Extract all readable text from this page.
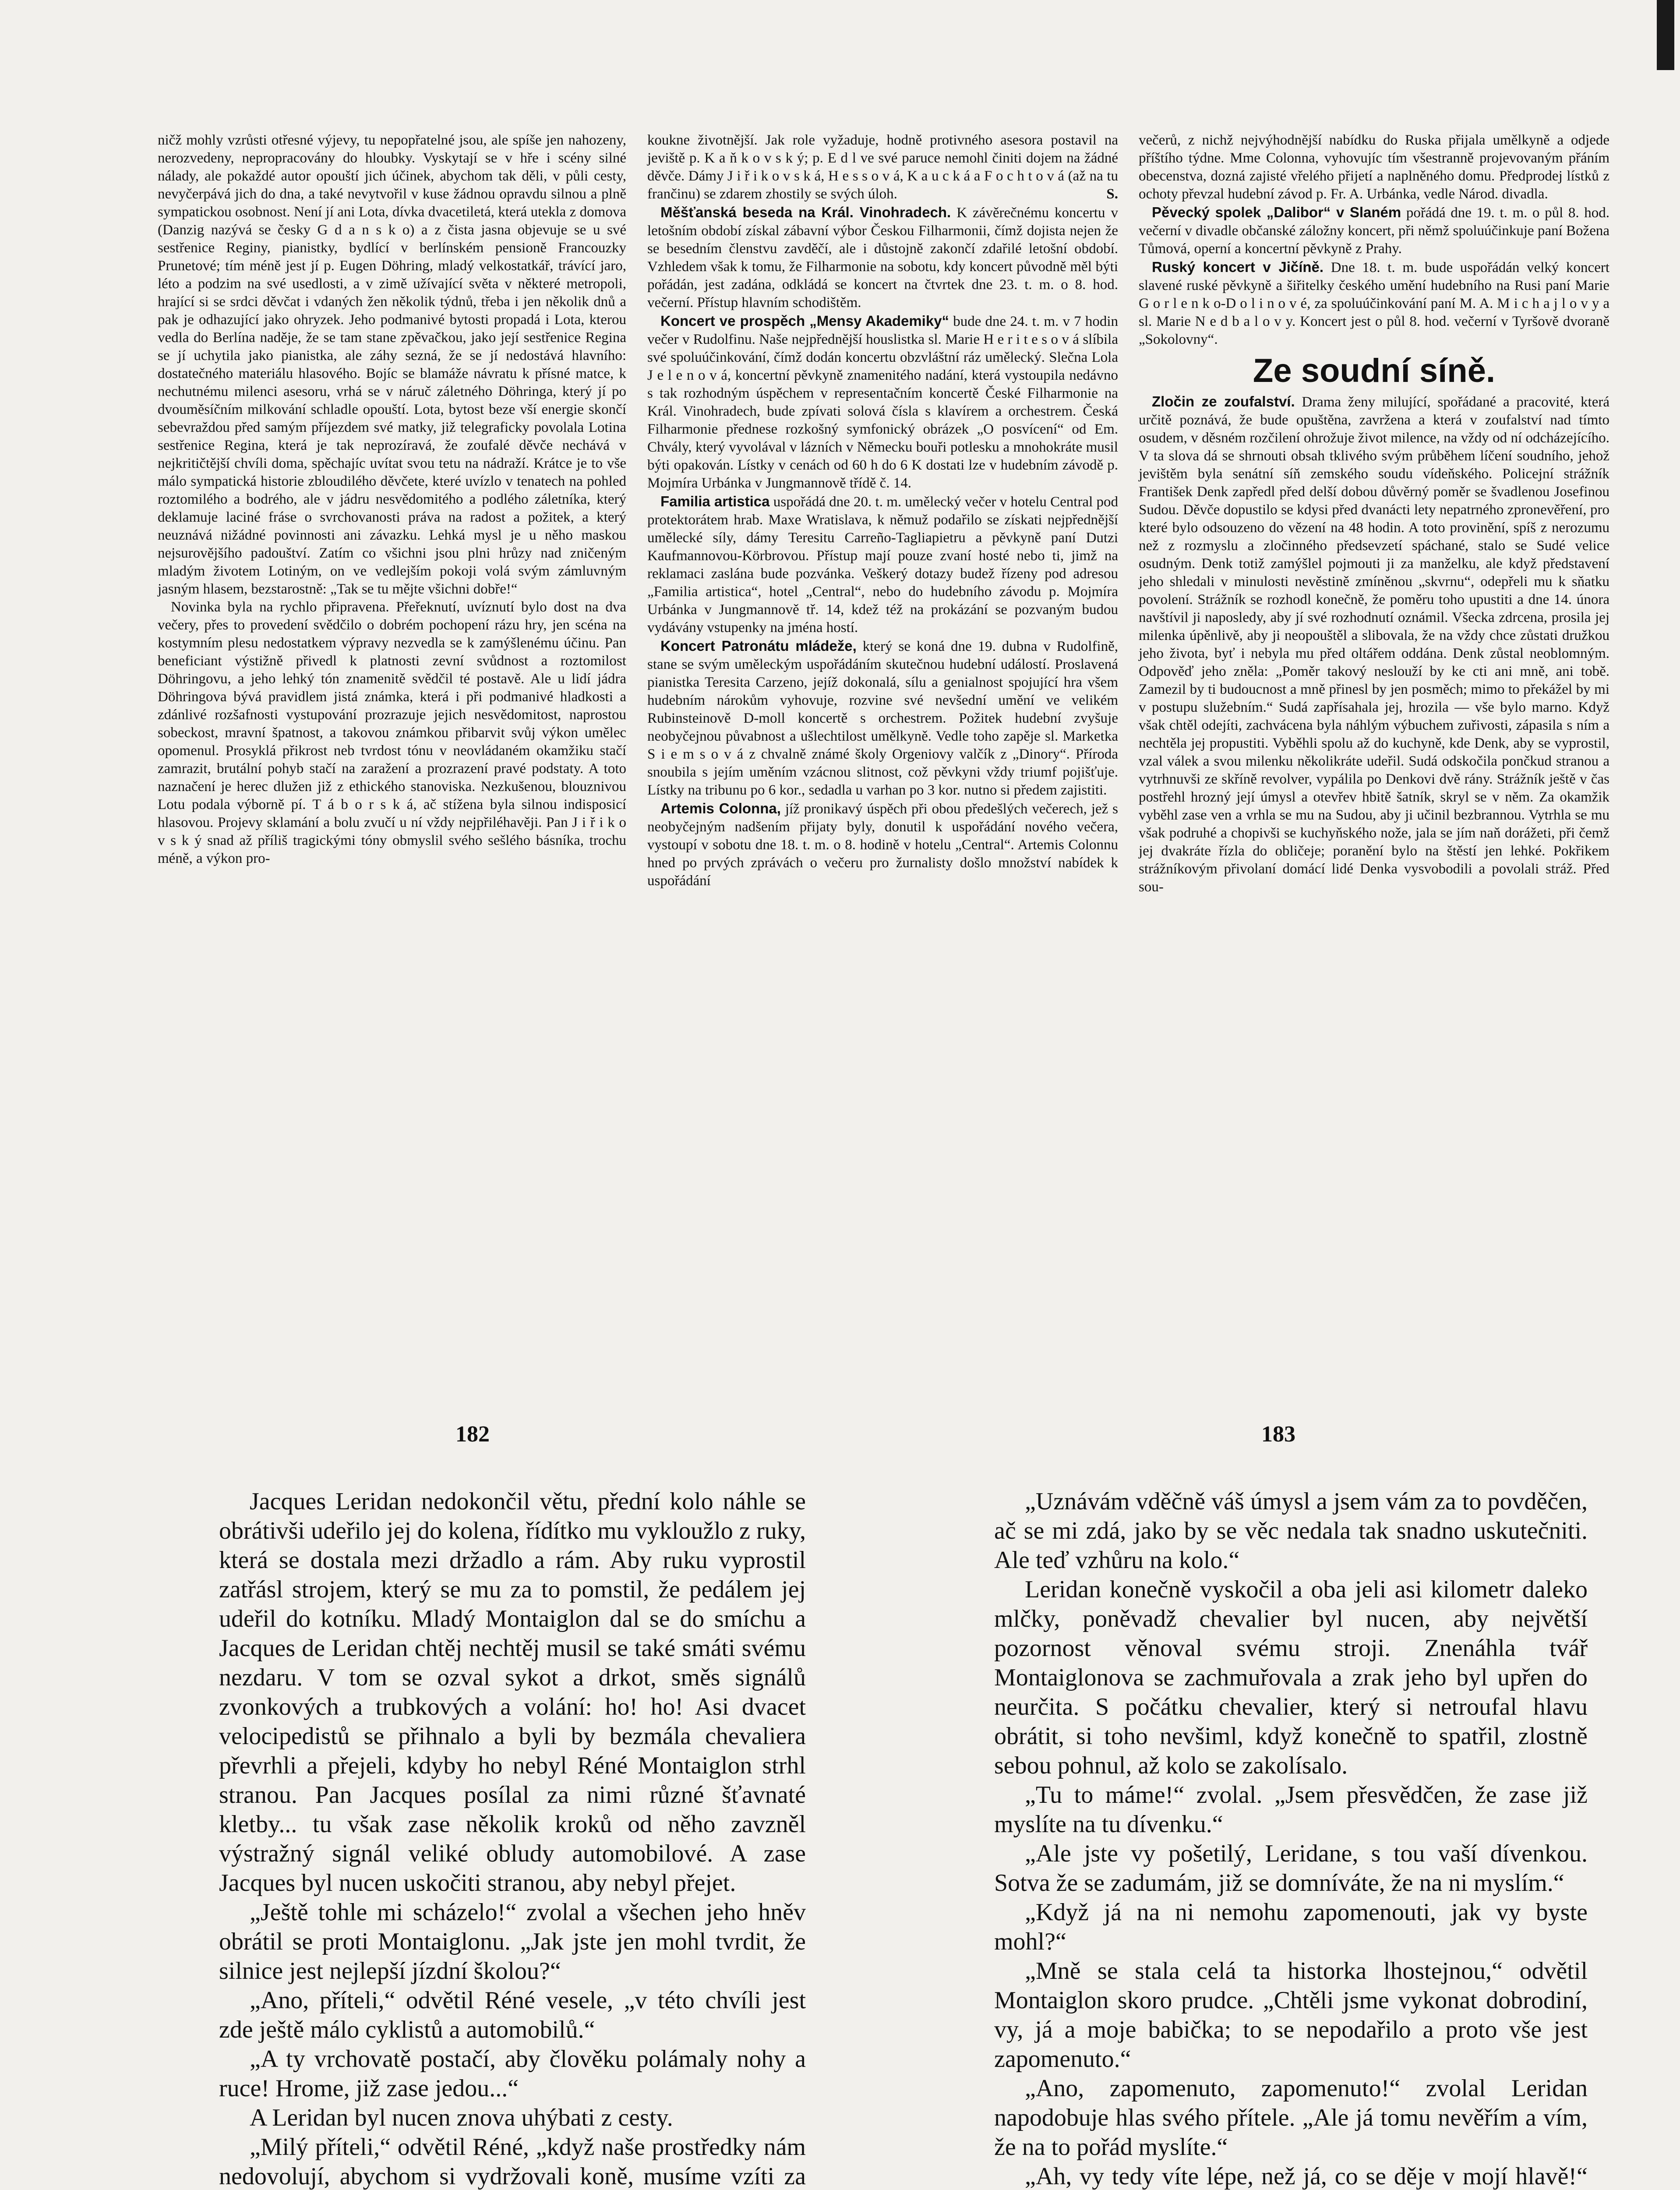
ničž mohly vzrůsti otřesné výjevy, tu nepopřatelné jsou, ale spíše jen nahozeny, nerozvedeny, nepropracovány do hloubky. Vyskytají se v hře i scény silné nálady, ale pokaždé autor opouští jich účinek, abychom tak děli, v půli cesty, nevyčerpává jich do dna, a také nevytvořil v kuse žádnou opravdu silnou a plně sympatickou osobnost. Není jí ani Lota, dívka dvacetiletá, která utekla z domova (Danzig nazývá se česky G d a n s k o) a z čista jasna objevuje se u své sestřenice Reginy, pianistky, bydlící v berlínském pensioně Francouzky Prunetové; tím méně jest jí p. Eugen Döhring, mladý velkostatkář, trávící jaro, léto a podzim na své usedlosti, a v zimě užívající světa v některé metropoli, hrající si se srdci děvčat i vdaných žen několik týdnů, třeba i jen několik dnů a pak je odhazující jako ohryzek. Jeho podmanivé bytosti propadá i Lota, kterou vedla do Berlína naděje, že se tam stane zpěvačkou, jako její sestřenice Regina se jí uchytila jako pianistka, ale záhy sezná, že se jí nedostává hlavního: dostatečného materiálu hlasového. Bojíc se blamáže návratu k přísné matce, k nechutnému milenci asesoru, vrhá se v náruč záletného Döhringa, který jí po dvouměsíčním milkování schladle opouští. Lota, bytost beze vší energie skončí sebevraždou před samým příjezdem své matky, již telegraficky povolala Lotina sestřenice Regina, která je tak neprozíravá, že zoufalé děvče nechává v nejkritičtější chvíli doma, spěchajíc uvítat svou tetu na nádraží. Krátce je to vše málo sympatická historie zbloudilého děvčete, které uvízlo v tenatech na pohled roztomilého a bodrého, ale v jádru nesvědomitého a podlého záletníka, který deklamuje laciné fráse o svrchovanosti práva na radost a požitek, a který neuznává nižádné povinnosti ani závazku. Lehká mysl je u něho maskou nejsurovějšího padouštví. Zatím co všichni jsou plni hrůzy nad zničeným mladým životem Lotiným, on ve vedlejším pokoji volá svým zámluvným jasným hlasem, bezstarostně: „Tak se tu mějte všichni dobře!“

Novinka byla na rychlo připravena. Přeřeknutí, uvíznutí bylo dost na dva večery, přes to provedení svědčilo o dobrém pochopení rázu hry, jen scéna na kostymním plesu nedostatkem výpravy nezvedla se k zamýšlenému účinu. Pan beneficiant výstižně přivedl k platnosti zevní svůdnost a roztomilost Döhringovu, a jeho lehký tón znamenitě svědčil té postavě. Ale u lidí jádra Döhringova bývá pravidlem jistá známka, která i při podmanivé hladkosti a zdánlivé rozšafnosti vystupování prozrazuje jejich nesvědomitost, naprostou sobeckost, mravní špatnost, a takovou známkou přibarvit svůj výkon umělec opomenul. Prosyklá přikrost neb tvrdost tónu v neovládaném okamžiku stačí zamrazit, brutální pohyb stačí na zaražení a prozrazení pravé podstaty. A toto naznačení je herec dlužen již z ethického stanoviska. Nezkušenou, blouznivou Lotu podala výborně pí. T á b o r s k á, ač stížena byla silnou indisposicí hlasovou. Projevy sklamání a bolu zvučí u ní vždy nejpřiléhavěji. Pan J i ř i k o v s k ý snad až příliš tragickými tóny obmyslil svého sešlého básníka, trochu méně, a výkon pro-

koukne životnější. Jak role vyžaduje, hodně protivného asesora postavil na jeviště p. K a ň k o v s k ý; p. E d l ve své paruce nemohl činiti dojem na žádné děvče. Dámy J i ř i k o v s k á, H e s s o v á, K a u c k á a F o c h t o v á (až na tu frančinu) se zdarem zhostily se svých úloh.	S.

Měšťanská beseda na Král. Vinohradech. K závěrečnému koncertu v letošním období získal zábavní výbor Českou Filharmonii, čímž dojista nejen že se besedním členstvu zavděčí, ale i důstojně zakončí zdařilé letošní období. Vzhledem však k tomu, že Filharmonie na sobotu, kdy koncert původně měl býti pořádán, jest zadána, odkládá se koncert na čtvrtek dne 23. t. m. o 8. hod. večerní. Přístup hlavním schodištěm.

Koncert ve prospěch „Mensy Akademiky“ bude dne 24. t. m. v 7 hodin večer v Rudolfinu. Naše nejpřednější houslistka sl. Marie H e r i t e s o v á slíbila své spoluúčinkování, čímž dodán koncertu obzvláštní ráz umělecký. Slečna Lola J e l e n o v á, koncertní pěvkyně znamenitého nadání, která vystoupila nedávno s tak rozhodným úspěchem v representačním koncertě České Filharmonie na Král. Vinohradech, bude zpívati solová čísla s klavírem a orchestrem. Česká Filharmonie přednese rozkošný symfonický obrázek „O posvícení“ od Em. Chvály, který vyvolával v lázních v Německu bouři potlesku a mnohokráte musil býti opakován. Lístky v cenách od 60 h do 6 K dostati lze v hudebním závodě p. Mojmíra Urbánka v Jungmannově třídě č. 14.

Familia artistica uspořádá dne 20. t. m. umělecký večer v hotelu Central pod protektorátem hrab. Maxe Wratislava, k němuž podařilo se získati nejpřednější umělecké síly, dámy Teresitu Carreño-Tagliapietru a pěvkyně paní Dutzi Kaufmannovou-Körbrovou. Přístup mají pouze zvaní hosté nebo ti, jimž na reklamaci zaslána bude pozvánka. Veškerý dotazy budež řízeny pod adresou „Familia artistica“, hotel „Central“, nebo do hudebního závodu p. Mojmíra Urbánka v Jungmannově tř. 14, kdež též na prokázání se pozvaným budou vydávány vstupenky na jména hostí.

Koncert Patronátu mládeže, který se koná dne 19. dubna v Rudolfině, stane se svým uměleckým uspořádáním skutečnou hudební událostí. Proslavená pianistka Teresita Carzeno, jejíž dokonalá, sílu a genialnost spojující hra všem hudebním nárokům vyhovuje, rozvine své nevšední umění ve velikém Rubinsteinově D-moll koncertě s orchestrem. Požitek hudební zvyšuje neobyčejnou půvabnost a ušlechtilost umělkyně. Vedle toho zapěje sl. Marketka S i e m s o v á z chvalně známé školy Orgeniovy valčík z „Dinory“. Příroda snoubila s jejím uměním vzácnou slitnost, což pěvkyni vždy triumf pojišťuje. Lístky na tribunu po 6 kor., sedadla u varhan po 3 kor. nutno si předem zajistiti.

Artemis Colonna, jíž pronikavý úspěch při obou předešlých večerech, jež s neobyčejným nadšením přijaty byly, donutil k uspořádání nového večera, vystoupí v sobotu dne 18. t. m. o 8. hodině v hotelu „Central“. Artemis Colonnu hned po prvých zprávách o večeru pro žurnalisty došlo množství nabídek k uspořádání

večerů, z nichž nejvýhodnější nabídku do Ruska přijala umělkyně a odjede příštího týdne. Mme Colonna, vyhovujíc tím všestranně projevovaným přáním obecenstva, dozná zajisté vřelého přijetí a naplněného domu. Předprodej lístků z ochoty převzal hudební závod p. Fr. A. Urbánka, vedle Národ. divadla.

Pěvecký spolek „Dalibor“ v Slaném pořádá dne 19. t. m. o půl 8. hod. večerní v divadle občanské záložny koncert, při němž spoluúčinkuje paní Božena Tůmová, operní a koncertní pěvkyně z Prahy.

Ruský koncert v Jičíně. Dne 18. t. m. bude uspořádán velký koncert slavené ruské pěvkyně a šiřitelky českého umění hudebního na Rusi paní Marie G o r l e n k o-D o l i n o v é, za spoluúčinkování paní M. A. M i c h a j l o v y a sl. Marie N e d b a l o v y. Koncert jest o půl 8. hod. večerní v Tyršově dvoraně „Sokolovny“.

Ze soudní síně.

Zločin ze zoufalství. Drama ženy milující, spořádané a pracovité, která určitě poznává, že bude opuštěna, zavržena a která v zoufalství nad tímto osudem, v děsném rozčilení ohrožuje život milence, na vždy od ní odcházejícího. V ta slova dá se shrnouti obsah tklivého svým průběhem líčení soudního, jehož jevištěm byla senátní síň zemského soudu vídeňského. Policejní strážník František Denk zapředl před delší dobou důvěrný poměr se švadlenou Josefinou Sudou. Děvče dopustilo se kdysi před dvanácti lety nepatrného zpronevěření, pro které bylo odsouzeno do vězení na 48 hodin. A toto provinění, spíš z nerozumu než z rozmyslu a zločinného předsevzetí spáchané, stalo se Sudé velice osudným. Denk totiž zamýšlel pojmouti ji za manželku, ale když představení jeho shledali v minulosti nevěstině zmíněnou „skvrnu“, odepřeli mu k sňatku povolení. Strážník se rozhodl konečně, že poměru toho upustiti a dne 14. února navštívil ji naposledy, aby jí své rozhodnutí oznámil. Všecka zdrcena, prosila jej milenka úpěnlivě, aby ji neopouštěl a slibovala, že na vždy chce zůstati družkou jeho života, byť i nebyla mu před oltářem oddána. Denk zůstal neoblomným. Odpověď jeho zněla: „Poměr takový neslouží by ke cti ani mně, ani tobě. Zamezil by ti budoucnost a mně přinesl by jen posměch; mimo to překážel by mi v postupu služebním.“ Sudá zapřísahala jej, hrozila — vše bylo marno. Když však chtěl odejíti, zachvácena byla náhlým výbuchem zuřivosti, zápasila s ním a nechtěla jej propustiti. Vyběhli spolu až do kuchyně, kde Denk, aby se vyprostil, vzal válek a svou milenku několikráte udeřil. Sudá odskočila pončkud stranou a vytrhnuvši ze skříně revolver, vypálila po Denkovi dvě rány. Strážník ještě v čas postřehl hrozný její úmysl a otevřev hbitě šatník, skryl se v něm. Za okamžik vyběhl zase ven a vrhla se mu na Sudou, aby ji učinil bezbrannou. Vytrhla se mu však podruhé a chopivši se kuchyňského nože, jala se jím naň dorážeti, při čemž jej dvakráte řízla do obličeje; poranění bylo na štěstí jen lehké. Pokřikem strážníkovým přivolaní domácí lidé Denka vysvobodili a povolali stráž. Před sou-

182	183

Jacques Leridan nedokončil větu, přední kolo náhle se obrátivši udeřilo jej do kolena, řídítko mu vykloužlo z ruky, která se dostala mezi držadlo a rám. Aby ruku vyprostil zatřásl strojem, který se mu za to pomstil, že pedálem jej udeřil do kotníku. Mladý Montaiglon dal se do smíchu a Jacques de Leridan chtěj nechtěj musil se také smáti svému nezdaru. V tom se ozval sykot a drkot, směs signálů zvonkových a trubkových a volání: ho! ho! Asi dvacet velocipedistů se přihnalo a byli by bezmála chevaliera převrhli a přejeli, kdyby ho nebyl Réné Montaiglon strhl stranou. Pan Jacques posílal za nimi různé šťavnaté kletby... tu však zase několik kroků od něho zavzněl výstražný signál veliké obludy automobilové. A zase Jacques byl nucen uskočiti stranou, aby nebyl přejet.

„Ještě tohle mi scházelo!“ zvolal a všechen jeho hněv obrátil se proti Montaiglonu. „Jak jste jen mohl tvrdit, že silnice jest nejlepší jízdní školou?“

„Ano, příteli,“ odvětil Réné vesele, „v této chvíli jest zde ještě málo cyklistů a automobilů.“

„A ty vrchovatě postačí, aby člověku polámaly nohy a ruce! Hrome, již zase jedou...“

A Leridan byl nucen znova uhýbati z cesty.

„Milý příteli,“ odvětil Réné, „když naše prostředky nám nedovolují, abychom si vydržovali koně, musíme vzíti za

„Uznávám vděčně váš úmysl a jsem vám za to povděčen, ač se mi zdá, jako by se věc nedala tak snadno uskutečniti. Ale teď vzhůru na kolo.“

Leridan konečně vyskočil a oba jeli asi kilometr daleko mlčky, poněvadž chevalier byl nucen, aby největší pozornost věnoval svému stroji. Znenáhla tvář Montaiglonova se zachmuřovala a zrak jeho byl upřen do neurčita. S počátku chevalier, který si netroufal hlavu obrátit, si toho nevšiml, když konečně to spatřil, zlostně sebou pohnul, až kolo se zakolísalo.

„Tu to máme!“ zvolal. „Jsem přesvědčen, že zase již myslíte na tu dívenku.“

„Ale jste vy pošetilý, Leridane, s tou vaší dívenkou. Sotva že se zadumám, již se domníváte, že na ni myslím.“

„Když já na ni nemohu zapomenouti, jak vy byste mohl?“

„Mně se stala celá ta historka lhostejnou,“ odvětil Montaiglon skoro prudce. „Chtěli jsme vykonat dobrodiní, vy, já a moje babička; to se nepodařilo a proto vše jest zapomenuto.“

„Ano, zapomenuto, zapomenuto!“ zvolal Leridan napodobuje hlas svého přítele. „Ale já tomu nevěřím a vím, že na to pořád myslíte.“

„Ah, vy tedy víte lépe, než já, co se děje v mojí hlavě!“
